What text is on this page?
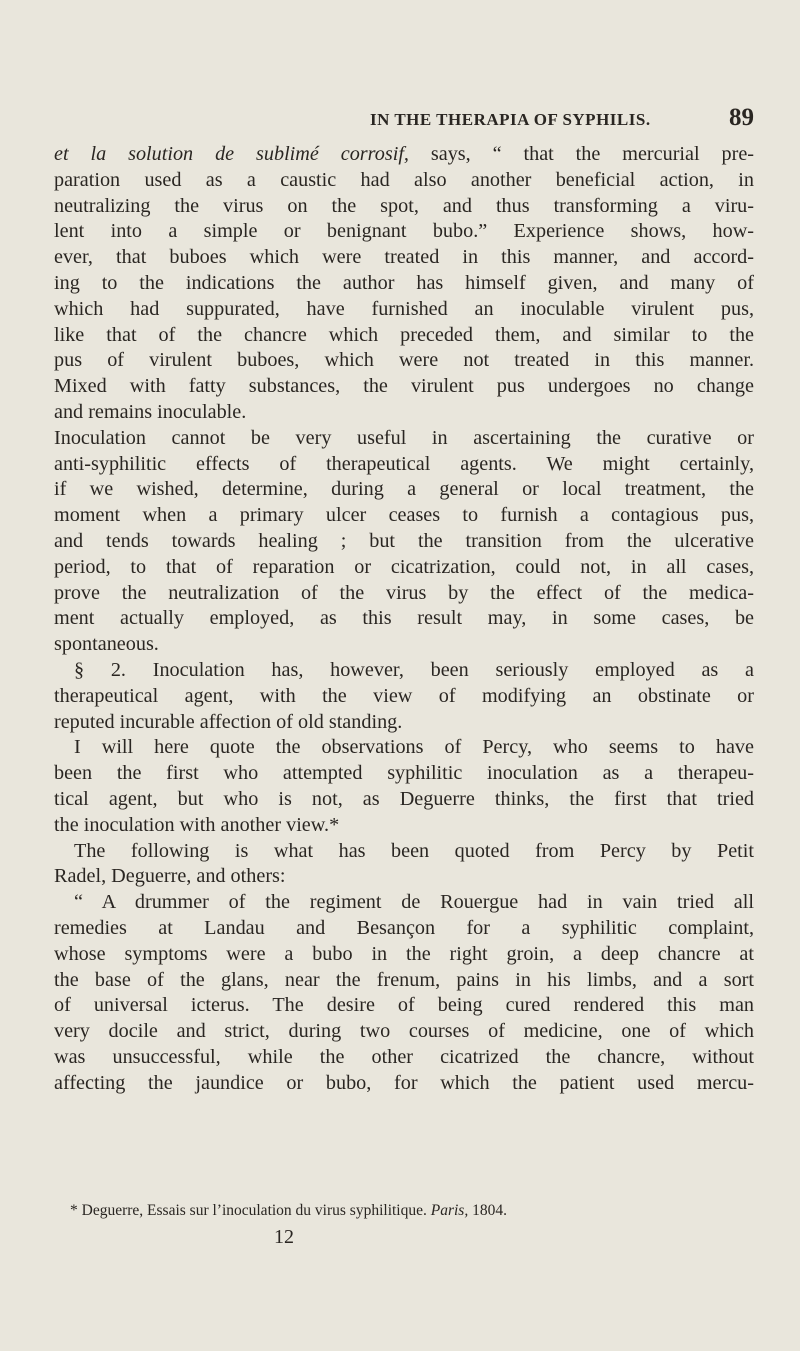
IN THE THERAPIA OF SYPHILIS.	89
et la solution de sublimé corrosif, says, “ that the mercurial pre-
paration used as a caustic had also another beneficial action, in
neutralizing the virus on the spot, and thus transforming a viru-
lent into a simple or benignant bubo.” Experience shows, how-
ever, that buboes which were treated in this manner, and accord-
ing to the indications the author has himself given, and many of
which had suppurated, have furnished an inoculable virulent pus,
like that of the chancre which preceded them, and similar to the
pus of virulent buboes, which were not treated in this manner.
Mixed with fatty substances, the virulent pus undergoes no change
and remains inoculable.
Inoculation cannot be very useful in ascertaining the curative or
anti-syphilitic effects of therapeutical agents. We might certainly,
if we wished, determine, during a general or local treatment, the
moment when a primary ulcer ceases to furnish a contagious pus,
and tends towards healing ; but the transition from the ulcerative
period, to that of reparation or cicatrization, could not, in all cases,
prove the neutralization of the virus by the effect of the medica-
ment actually employed, as this result may, in some cases, be
spontaneous.
§ 2. Inoculation has, however, been seriously employed as a
therapeutical agent, with the view of modifying an obstinate or
reputed incurable affection of old standing.
I will here quote the observations of Percy, who seems to have
been the first who attempted syphilitic inoculation as a therapeu-
tical agent, but who is not, as Deguerre thinks, the first that tried
the inoculation with another view.*
The following is what has been quoted from Percy by Petit
Radel, Deguerre, and others:
“ A drummer of the regiment de Rouergue had in vain tried all
remedies at Landau and Besançon for a syphilitic complaint,
whose symptoms were a bubo in the right groin, a deep chancre at
the base of the glans, near the frenum, pains in his limbs, and a sort
of universal icterus. The desire of being cured rendered this man
very docile and strict, during two courses of medicine, one of which
was unsuccessful, while the other cicatrized the chancre, without
affecting the jaundice or bubo, for which the patient used mercu-
* Deguerre, Essais sur l’inoculation du virus syphilitique. Paris, 1804.
12
